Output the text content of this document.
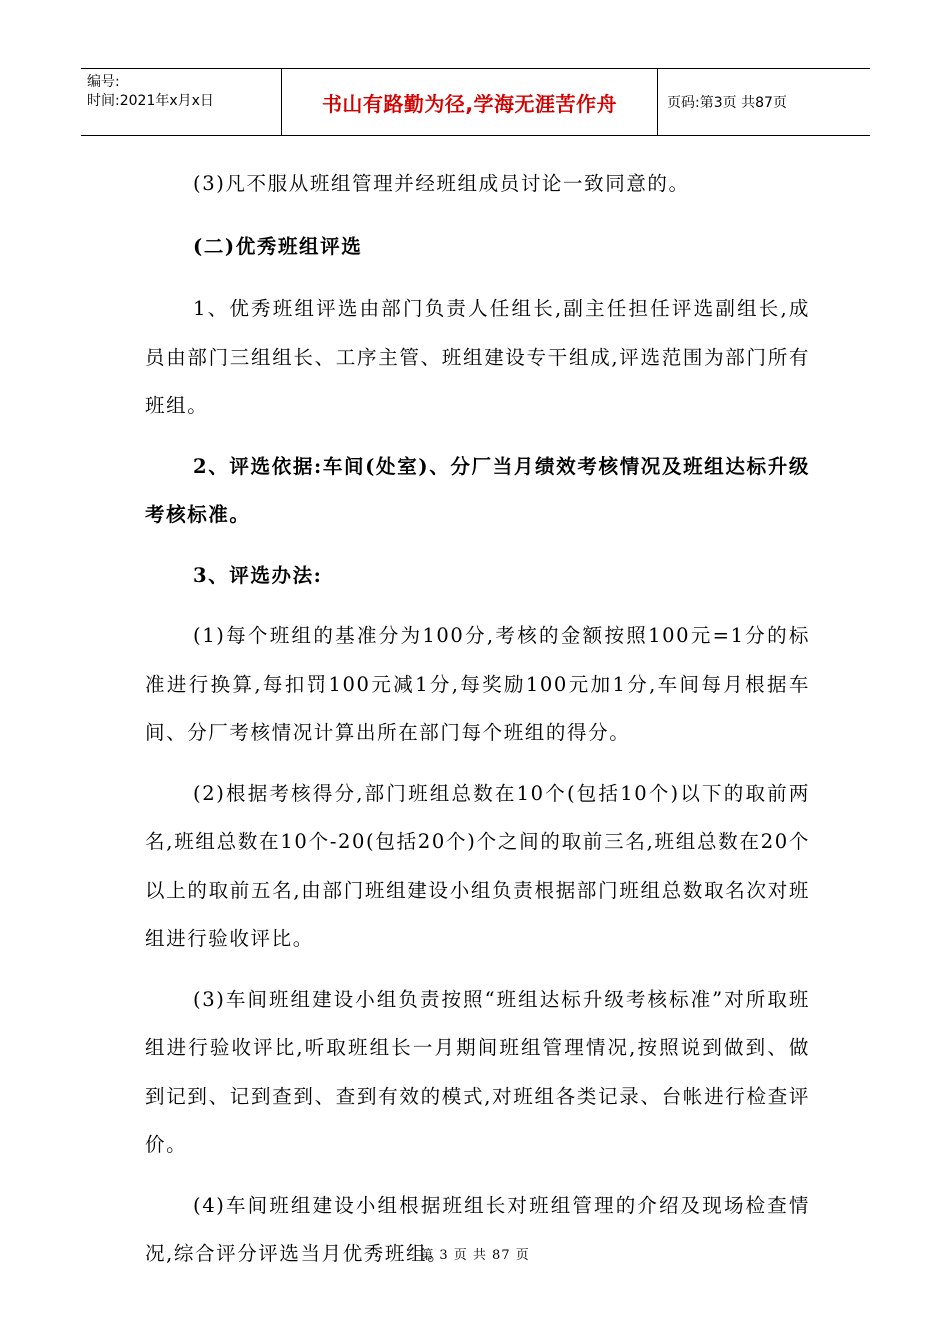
编号:
时间:2021年x月x日	书山有路勤为径,学海无涯苦作舟	页码:第3页 共87页

(3)凡不服从班组管理并经班组成员讨论一致同意的。

(二)优秀班组评选

1、优秀班组评选由部门负责人任组长,副主任担任评选副组长,成员由部门三组组长、工序主管、班组建设专干组成,评选范围为部门所有班组。

2、评选依据:车间(处室)、分厂当月绩效考核情况及班组达标升级考核标准。

3、评选办法:

(1)每个班组的基准分为100分,考核的金额按照100元=1分的标准进行换算,每扣罚100元减1分,每奖励100元加1分,车间每月根据车间、分厂考核情况计算出所在部门每个班组的得分。

(2)根据考核得分,部门班组总数在10个(包括10个)以下的取前两名,班组总数在10个-20(包括20个)个之间的取前三名,班组总数在20个以上的取前五名,由部门班组建设小组负责根据部门班组总数取名次对班组进行验收评比。

(3)车间班组建设小组负责按照“班组达标升级考核标准”对所取班组进行验收评比,听取班组长一月期间班组管理情况,按照说到做到、做到记到、记到查到、查到有效的模式,对班组各类记录、台帐进行检查评价。

(4)车间班组建设小组根据班组长对班组管理的介绍及现场检查情况,综合评分评选当月优秀班组。

第 3 页 共 87 页
